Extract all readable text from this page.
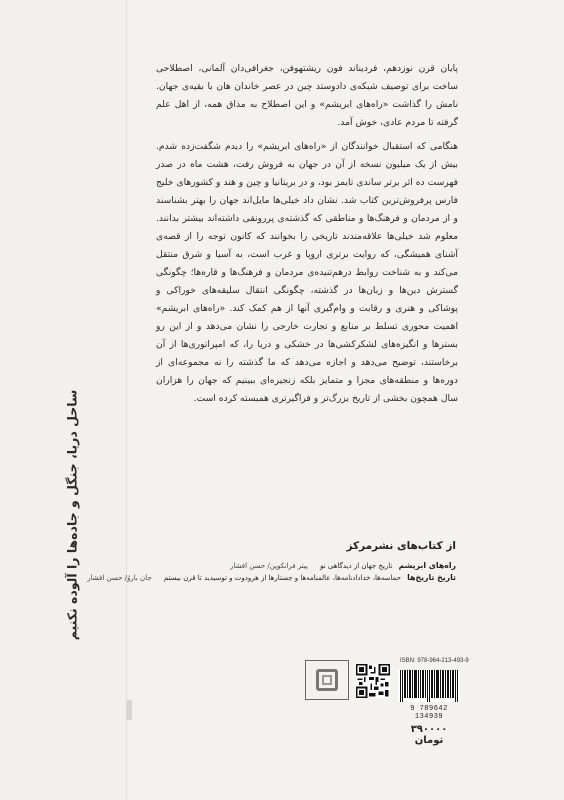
ساحل دریا، جنگل و جاده‌ها را آلوده نکنیم

پایان قرن نوزدهم، فردیناند فون ریشتهوفن، جغرافی‌دان آلمانی، اصطلاحی ساخت برای توصیف شبکه‌ی دادوستد چین در عصر خاندان هان با بقیه‌ی جهان. نامش را گذاشت «راه‌های ابریشم» و این اصطلاح به مذاق همه، از اهل علم گرفته تا مردم عادی، خوش آمد.

هنگامی که استقبال خوانندگان از «راه‌های ابریشم» را دیدم شگفت‌زده شدم. بیش از یک میلیون نسخه از آن در جهان به فروش رفت، هشت ماه در صدر فهرست ده اثر برتر ساندی تایمز بود، و در بریتانیا و چین و هند و کشورهای خلیج فارس پرفروش‌ترین کتاب شد. نشان داد خیلی‌ها مایل‌اند جهان را بهتر بشناسند و از مردمان و فرهنگ‌ها و مناطقی که گذشته‌ی پررونقی داشته‌اند بیشتر بدانند. معلوم شد خیلی‌ها علاقه‌مندند تاریخی را بخوانند که کانون توجه را از قصه‌ی آشنای همیشگی، که روایت برتری اروپا و غرب است، به آسیا و شرق منتقل می‌کند و به شناخت روابط درهم‌تنیده‌ی مردمان و فرهنگ‌ها و قاره‌ها؛ چگونگی گسترش دین‌ها و زبان‌ها در گذشته، چگونگی انتقال سلیقه‌های خوراکی و پوشاکی و هنری و رقابت و وام‌گیری آنها از هم کمک کند. «راه‌های ابریشم» اهمیت محوری تسلط بر منابع و تجارت خارجی را نشان می‌دهد و از این رو بسترها و انگیزه‌های لشکرکشی‌ها در خشکی و دریا را، که امپراتوری‌ها از آن برخاستند، توضیح می‌دهد و اجازه می‌دهد که ما گذشته را نه مجموعه‌ای از دوره‌ها و منطقه‌های مجزا و متمایز بلکه زنجیره‌ای ببینیم که جهان را هزاران سال همچون بخشی از تاریخ بزرگ‌تر و فراگیرتری همبسته کرده است.

از کتاب‌های نشرمرکز
راه‌های ابریشم تاریخ جهان از دیدگاهی نو پیتر فرانکوپن/ حسن افشار
تاریخ تاریخ‌ها حماسه‌ها، خدادادنامه‌ها، عالمنامه‌ها و جستارها از هرودوت و توسیدید تا قرن بیستم جان باروُ/ حسن افشار
ISBN: 978-964-213-493-9
9 789642 134939
۳۹۰۰۰۰ تومان
